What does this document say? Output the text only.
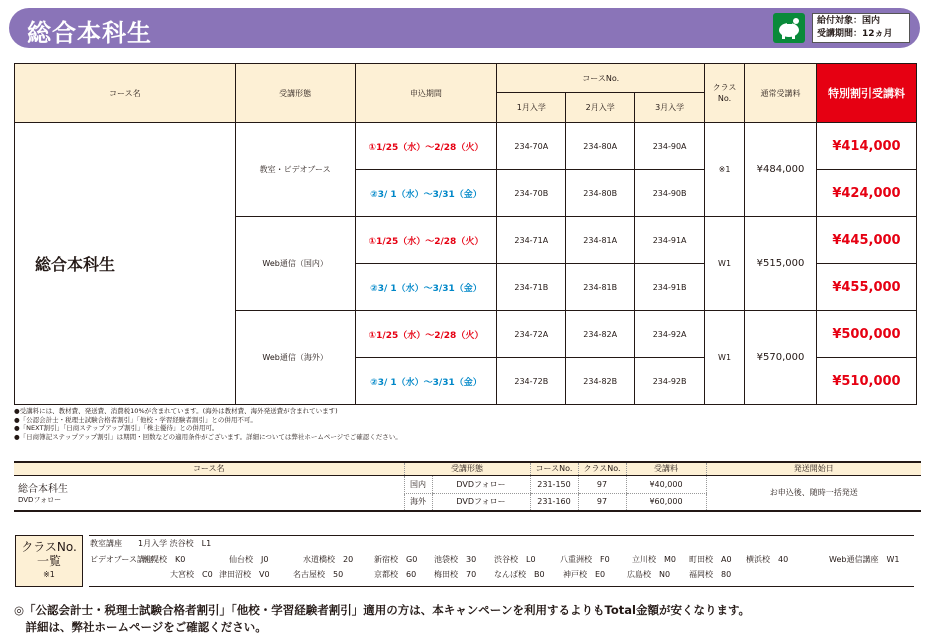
総合本科生	給付対象：国内
受講期間：12ヵ月
コース名	受講形態	申込期間	コースNo.			クラス
No.	通常受講料	特別割引受講料
			1月入学	2月入学	3月入学			
総合本科生	教室・ビデオブース	①1/25（水）～2/28（火）	234-70A	234-80A	234-90A	※1	¥484,000	¥414,000
		②3/ 1（水）～3/31（金）	234-70B	234-80B	234-90B			¥424,000
	Web通信（国内）	①1/25（水）～2/28（火）	234-71A	234-81A	234-91A	W1	¥515,000	¥445,000
		②3/ 1（水）～3/31（金）	234-71B	234-81B	234-91B			¥455,000
	Web通信（海外）	①1/25（水）～2/28（火）	234-72A	234-82A	234-92A	W1	¥570,000	¥500,000
		②3/ 1（水）～3/31（金）	234-72B	234-82B	234-92B			¥510,000
●受講料には、教材費、発送費、消費税10%が含まれています。(海外は教材費、海外発送費が含まれています)
●「公認会計士・税理士試験合格者割引」「他校・学習経験者割引」との併用不可。
●「NEXT割引」「日商ステップアップ割引」「株主優待」との併用可。
●「日商簿記ステップアップ割引」は期間・回数などの適用条件がございます。詳細については弊社ホームページでご確認ください。
コース名	受講形態		コースNo.	クラスNo.	受講料	発送開始日

総合本科生
DVDフォロー	国内	DVDフォロー	231-150	97	¥40,000	お申込後、随時一括発送
	海外	DVDフォロー	231-160	97	¥60,000	
クラスNo.
一覧
※1
教室講座　　1月入学 渋谷校　L1
ビデオブース講座
札幌校　K0	仙台校　J0	水道橋校　20	新宿校　G0 池袋校　30 渋谷校　L0	八重洲校　F0	立川校　M0 町田校　A0 横浜校　40
大宮校　C0 津田沼校　V0	名古屋校　50	京都校　60 梅田校　70 なんば校　B0 神戸校　E0	広島校　N0 福岡校　80
Web通信講座　W1
◎「公認会計士・税理士試験合格者割引」「他校・学習経験者割引」適用の方は、本キャンペーンを利用するよりもTotal金額が安くなります。
　詳細は、弊社ホームページをご確認ください。
